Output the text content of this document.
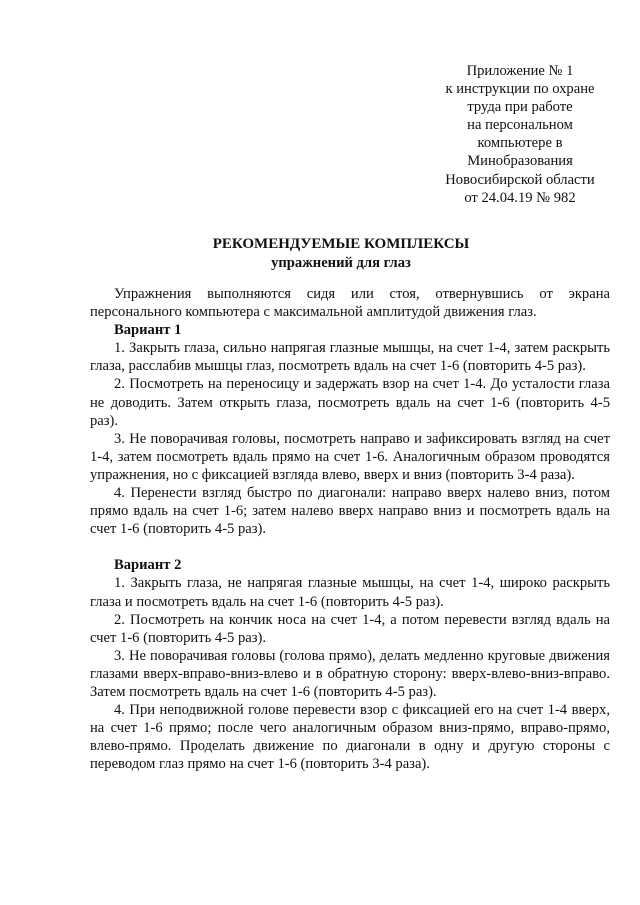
Приложение № 1
к инструкции по охране
труда при работе
на персональном
компьютере в
Минобразования
Новосибирской области
от 24.04.19 № 982
РЕКОМЕНДУЕМЫЕ КОМПЛЕКСЫ
упражнений для глаз

Упражнения выполняются сидя или стоя, отвернувшись от экрана персонального компьютера с максимальной амплитудой движения глаз.

Вариант 1

1. Закрыть глаза, сильно напрягая глазные мышцы, на счет 1-4, затем раскрыть глаза, расслабив мышцы глаз, посмотреть вдаль на счет 1-6 (повторить 4-5 раз).

2. Посмотреть на переносицу и задержать взор на счет 1-4. До усталости глаза не доводить. Затем открыть глаза, посмотреть вдаль на счет 1-6 (повторить 4-5 раз).

3. Не поворачивая головы, посмотреть направо и зафиксировать взгляд на счет 1-4, затем посмотреть вдаль прямо на счет 1-6. Аналогичным образом проводятся упражнения, но с фиксацией взгляда влево, вверх и вниз (повторить 3-4 раза).

4. Перенести взгляд быстро по диагонали: направо вверх налево вниз, потом прямо вдаль на счет 1-6; затем налево вверх направо вниз и посмотреть вдаль на счет 1-6 (повторить 4-5 раз).

Вариант 2

1. Закрыть глаза, не напрягая глазные мышцы, на счет 1-4, широко раскрыть глаза и посмотреть вдаль на счет 1-6 (повторить 4-5 раз).

2. Посмотреть на кончик носа на счет 1-4, а потом перевести взгляд вдаль на счет 1-6 (повторить 4-5 раз).

3. Не поворачивая головы (голова прямо), делать медленно круговые движения глазами вверх-вправо-вниз-влево и в обратную сторону: вверх-влево-вниз-вправо. Затем посмотреть вдаль на счет 1-6 (повторить 4-5 раз).

4. При неподвижной голове перевести взор с фиксацией его на счет 1-4 вверх, на счет 1-6 прямо; после чего аналогичным образом вниз-прямо, вправо-прямо, влево-прямо. Проделать движение по диагонали в одну и другую стороны с переводом глаз прямо на счет 1-6 (повторить 3-4 раза).
